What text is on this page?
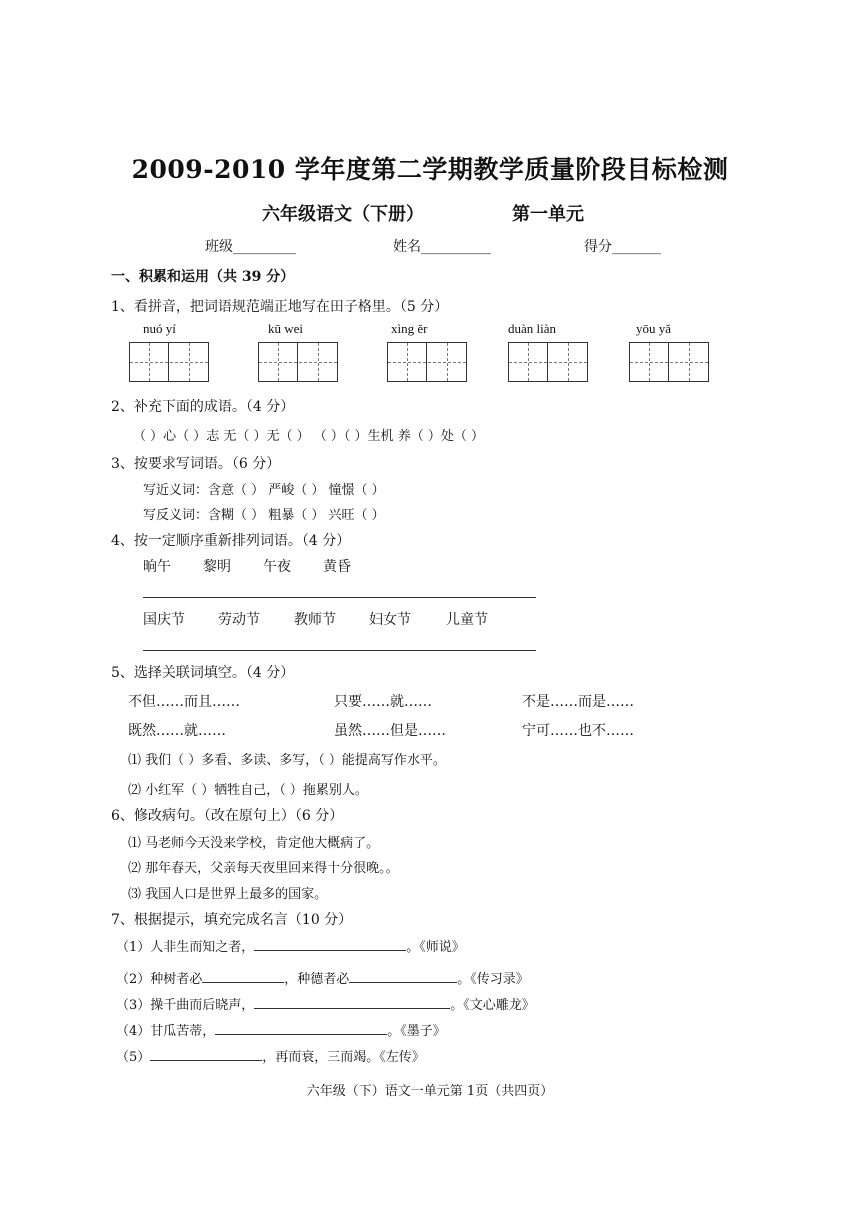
2009-2010 学年度第二学期教学质量阶段目标检测
六年级语文（下册）	第一单元
班级_________	姓名__________	得分_______
一、积累和运用（共 39 分）
1、看拼音，把词语规范端正地写在田子格里。（5 分）
nuó yí	kū wei	xìng ěr	duàn liàn	yōu yǎ
2、补充下面的成语。（4 分）
（ ）心（ ）志 无（ ）无（ ） （ ）（ ）生机 养（ ）处（ ）
3、按要求写词语。（6 分）
写近义词：含意（ ） 严峻（ ） 憧憬（ ）
写反义词：含糊（ ） 粗暴（ ） 兴旺（ ）
4、按一定顺序重新排列词语。（4 分）
晌午 黎明 午夜 黄昏
国庆节 劳动节 教师节 妇女节	儿童节
5、选择关联词填空。（4 分）
不但……而且……	只要……就……	不是……而是……
既然……就……	虽然……但是……	宁可……也不……
⑴ 我们（ ）多看、多读、多写，（ ）能提高写作水平。
⑵ 小红军（ ）牺牲自己，（ ）拖累别人。
6、修改病句。（改在原句上）（6 分）
⑴ 马老师今天没来学校，肯定他大概病了。
⑵ 那年春天，父亲每天夜里回来得十分很晚。。
⑶ 我国人口是世界上最多的国家。
7、根据提示，填充完成名言（10 分）
（1）人非生而知之者，	。《师说》
（2）种树者必	，种德者必	。《传习录》
（3）操千曲而后晓声，	。《文心雕龙》
（4）甘瓜苦蒂，	。《墨子》
（5）	，再而衰，三而竭。《左传》
六年级（下）语文一单元第 1页（共四页）
